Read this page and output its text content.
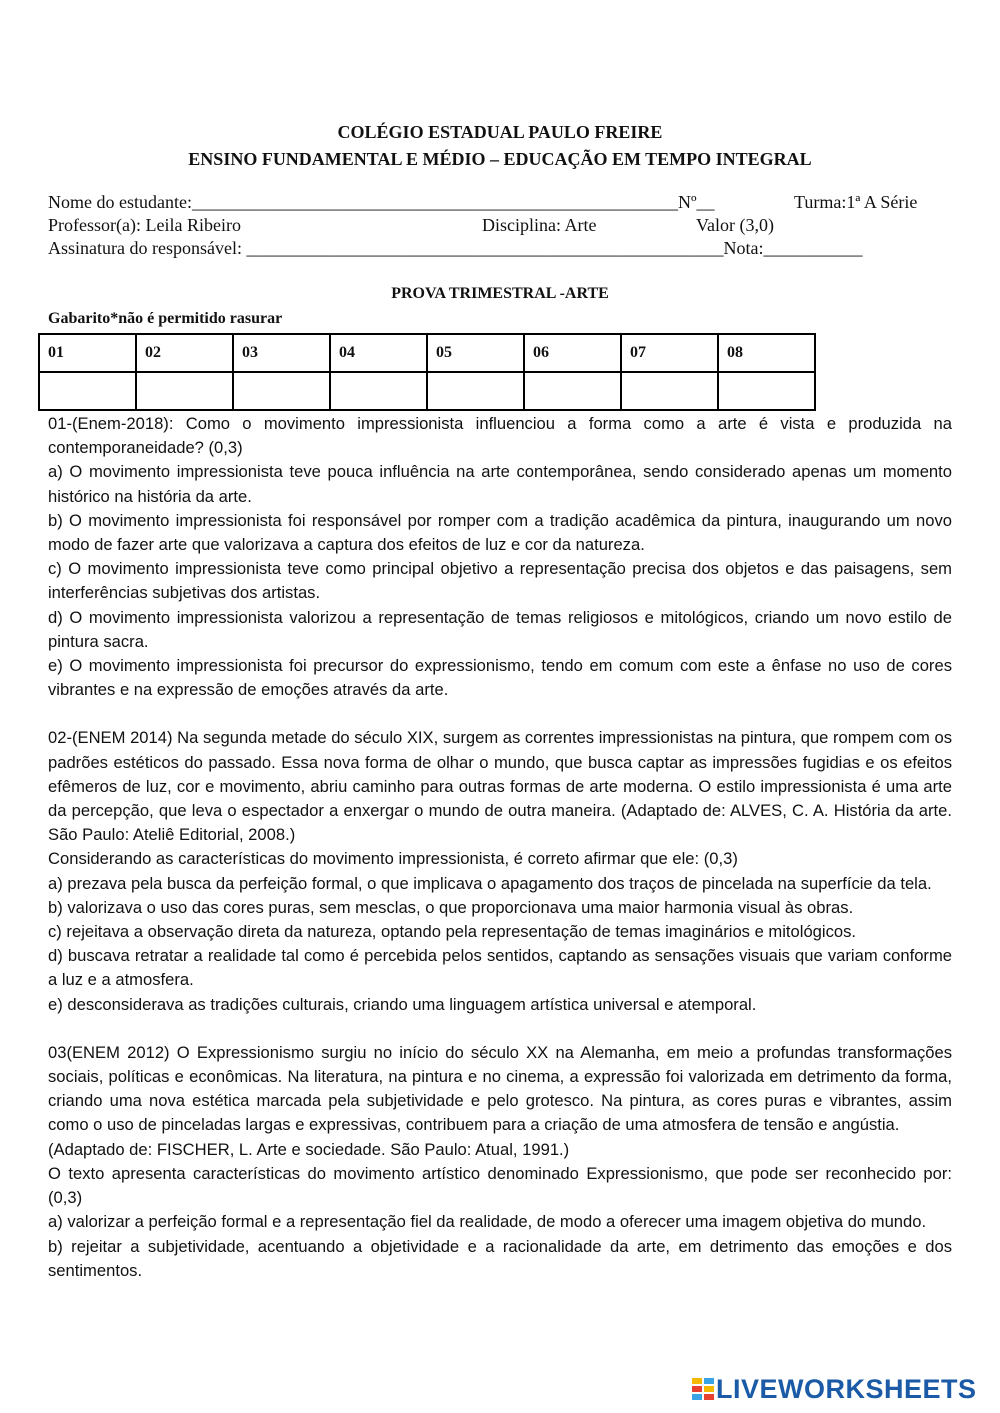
COLÉGIO ESTADUAL PAULO FREIRE
ENSINO FUNDAMENTAL E MÉDIO – EDUCAÇÃO EM TEMPO INTEGRAL
Nome do estudante:______________________________________________________Nº__	Turma:1ª A Série
Professor(a): Leila Ribeiro	Disciplina: Arte	Valor (3,0)
Assinatura do responsável: _____________________________________________________Nota:___________
PROVA TRIMESTRAL -ARTE
Gabarito*não é permitido rasurar
01	02	03	04	05	06	07	08

01-(Enem-2018): Como o movimento impressionista influenciou a forma como a arte é vista e produzida na contemporaneidade? (0,3)

a) O movimento impressionista teve pouca influência na arte contemporânea, sendo considerado apenas um momento histórico na história da arte.

b) O movimento impressionista foi responsável por romper com a tradição acadêmica da pintura, inaugurando um novo modo de fazer arte que valorizava a captura dos efeitos de luz e cor da natureza.

c) O movimento impressionista teve como principal objetivo a representação precisa dos objetos e das paisagens, sem interferências subjetivas dos artistas.

d) O movimento impressionista valorizou a representação de temas religiosos e mitológicos, criando um novo estilo de pintura sacra.

e) O movimento impressionista foi precursor do expressionismo, tendo em comum com este a ênfase no uso de cores vibrantes e na expressão de emoções através da arte.

02-(ENEM 2014) Na segunda metade do século XIX, surgem as correntes impressionistas na pintura, que rompem com os padrões estéticos do passado. Essa nova forma de olhar o mundo, que busca captar as impressões fugidias e os efeitos efêmeros de luz, cor e movimento, abriu caminho para outras formas de arte moderna. O estilo impressionista é uma arte da percepção, que leva o espectador a enxergar o mundo de outra maneira. (Adaptado de: ALVES, C. A. História da arte. São Paulo: Ateliê Editorial, 2008.)

Considerando as características do movimento impressionista, é correto afirmar que ele: (0,3)

a) prezava pela busca da perfeição formal, o que implicava o apagamento dos traços de pincelada na superfície da tela.

b) valorizava o uso das cores puras, sem mesclas, o que proporcionava uma maior harmonia visual às obras.

c) rejeitava a observação direta da natureza, optando pela representação de temas imaginários e mitológicos.

d) buscava retratar a realidade tal como é percebida pelos sentidos, captando as sensações visuais que variam conforme a luz e a atmosfera.

e) desconsiderava as tradições culturais, criando uma linguagem artística universal e atemporal.

03(ENEM 2012) O Expressionismo surgiu no início do século XX na Alemanha, em meio a profundas transformações sociais, políticas e econômicas. Na literatura, na pintura e no cinema, a expressão foi valorizada em detrimento da forma, criando uma nova estética marcada pela subjetividade e pelo grotesco. Na pintura, as cores puras e vibrantes, assim como o uso de pinceladas largas e expressivas, contribuem para a criação de uma atmosfera de tensão e angústia.

(Adaptado de: FISCHER, L. Arte e sociedade. São Paulo: Atual, 1991.)

O texto apresenta características do movimento artístico denominado Expressionismo, que pode ser reconhecido por: (0,3)

a) valorizar a perfeição formal e a representação fiel da realidade, de modo a oferecer uma imagem objetiva do mundo.

b) rejeitar a subjetividade, acentuando a objetividade e a racionalidade da arte, em detrimento das emoções e dos sentimentos.

LIVEWORKSHEETS
